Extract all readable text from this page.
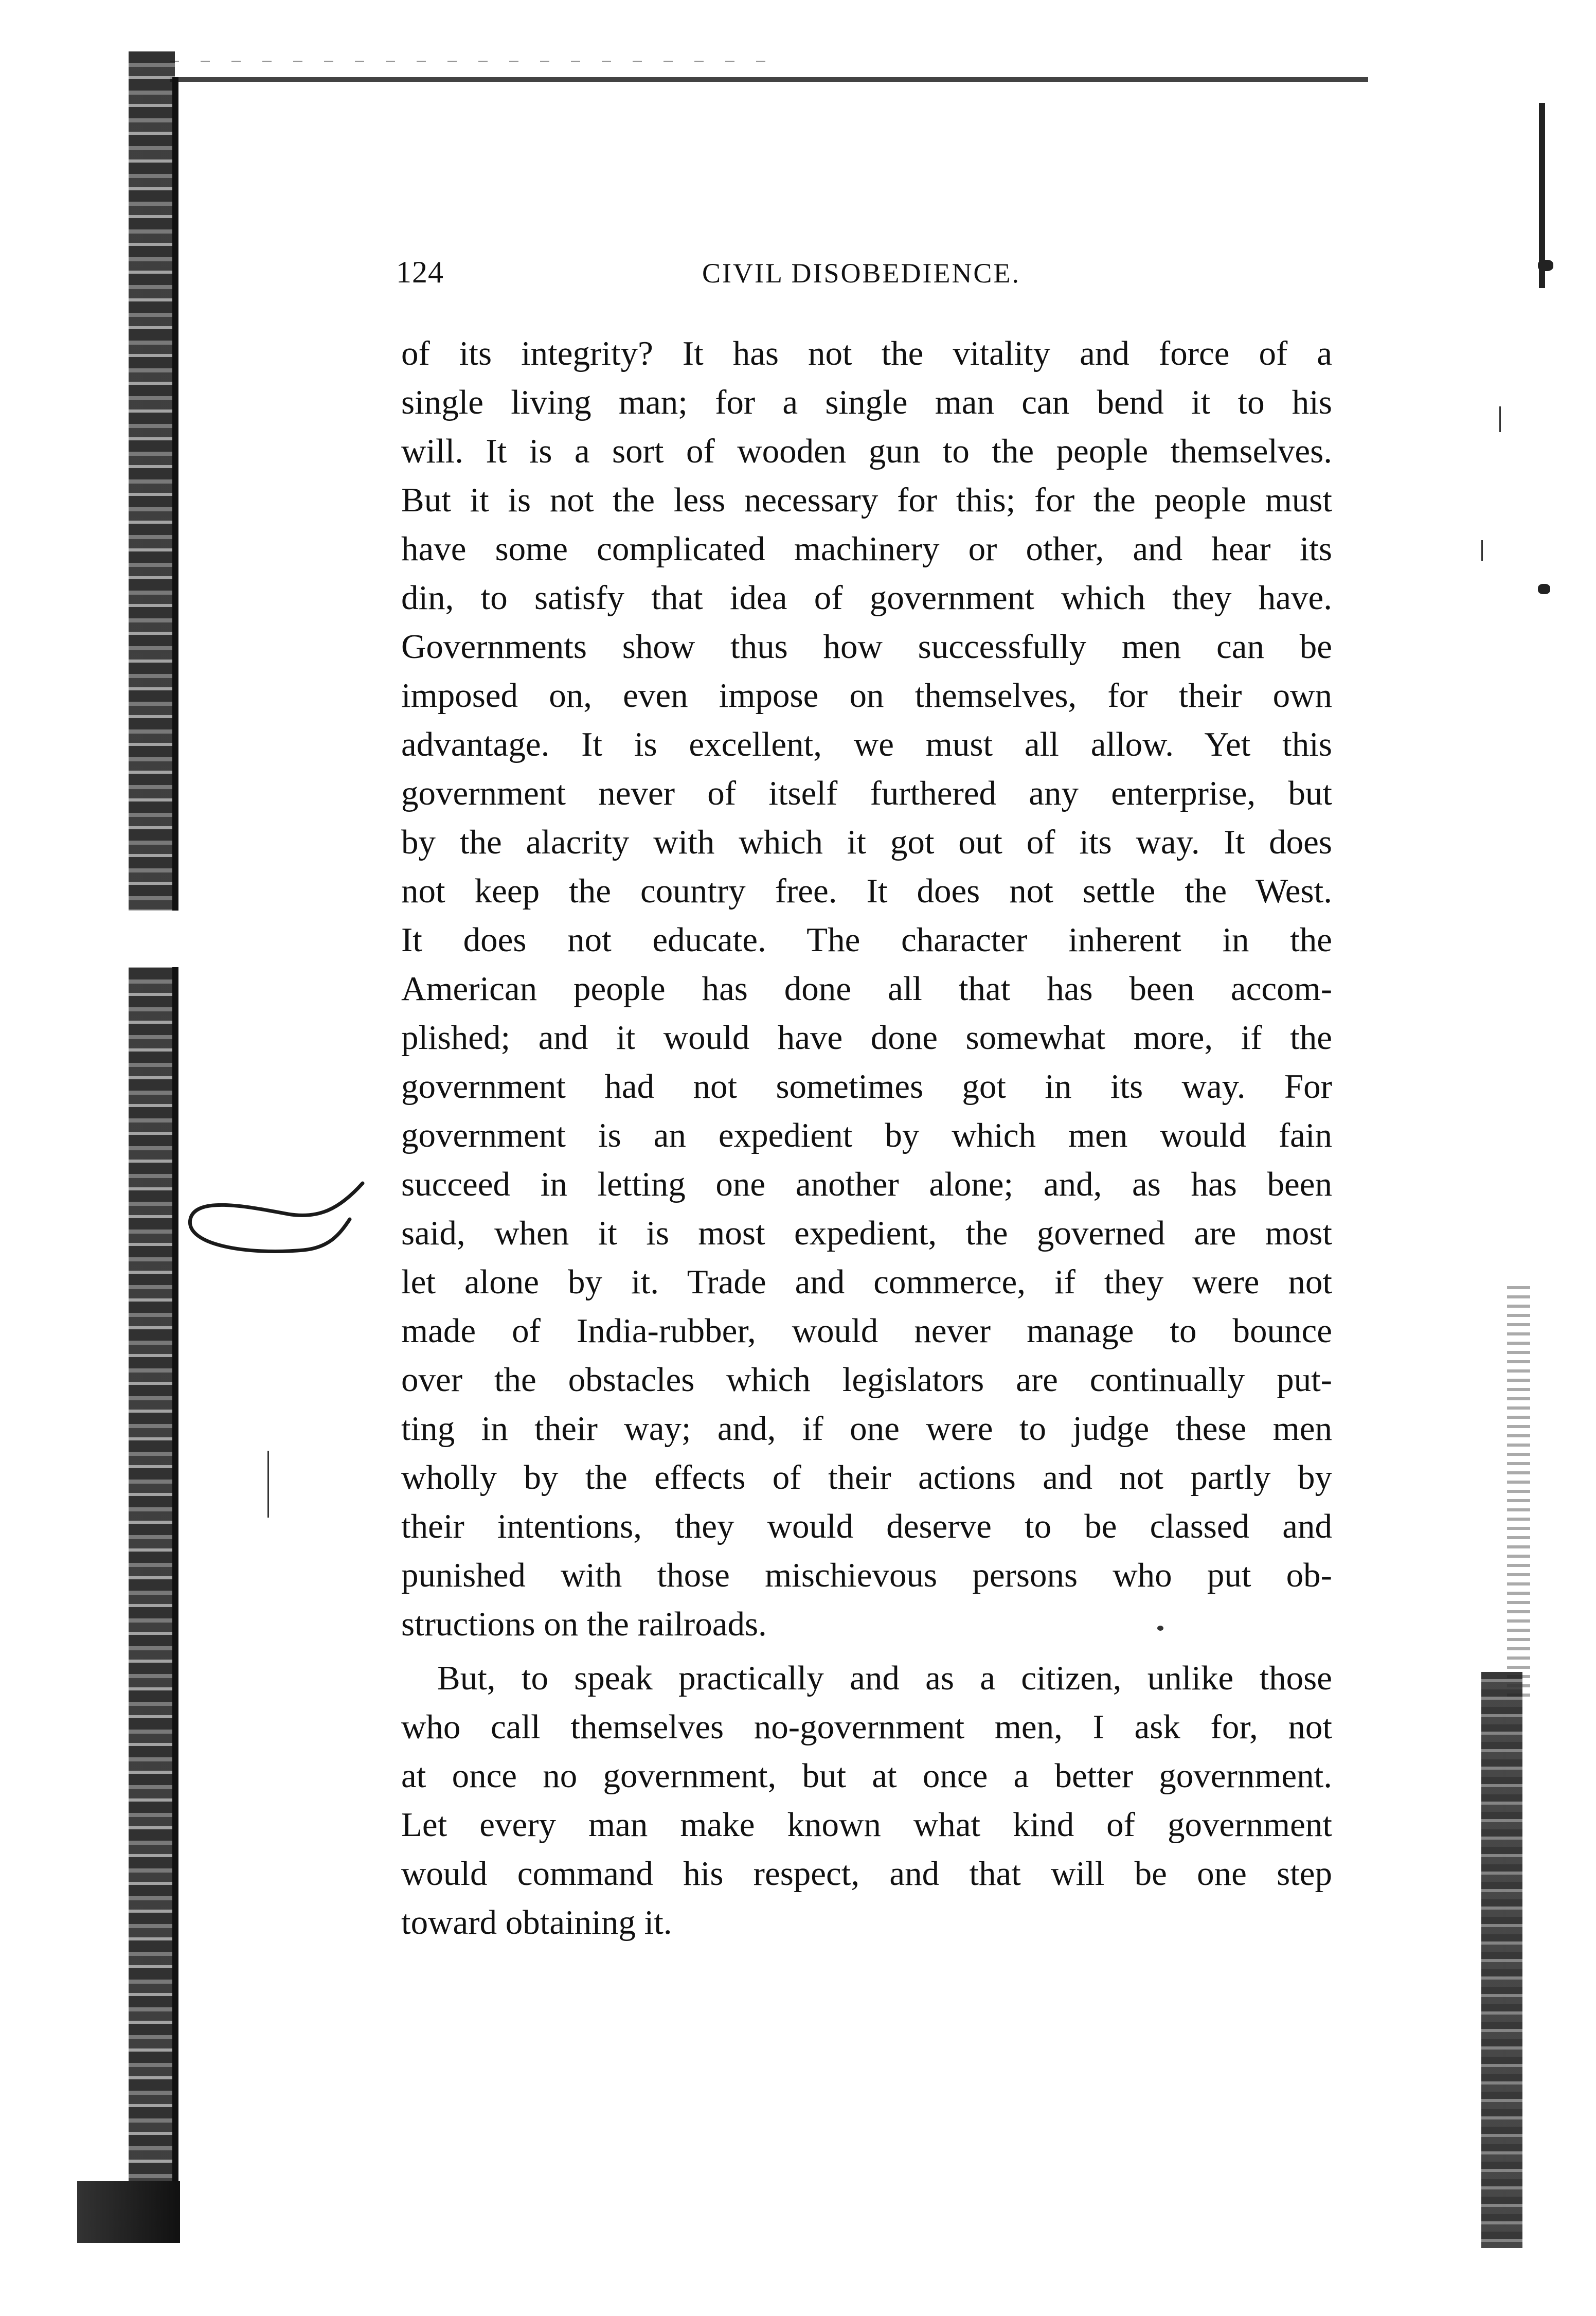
124	CIVIL DISOBEDIENCE.
of its integrity? It has not the vitality and force of a
single living man; for a single man can bend it to his
will. It is a sort of wooden gun to the people themselves.
But it is not the less necessary for this; for the people must
have some complicated machinery or other, and hear its
din, to satisfy that idea of government which they have.
Governments show thus how successfully men can be
imposed on, even impose on themselves, for their own
advantage. It is excellent, we must all allow. Yet this
government never of itself furthered any enterprise, but
by the alacrity with which it got out of its way. It does
not keep the country free. It does not settle the West.
It does not educate. The character inherent in the
American people has done all that has been accom-
plished; and it would have done somewhat more, if the
government had not sometimes got in its way. For
government is an expedient by which men would fain
succeed in letting one another alone; and, as has been
said, when it is most expedient, the governed are most
let alone by it. Trade and commerce, if they were not
made of India-rubber, would never manage to bounce
over the obstacles which legislators are continually put-
ting in their way; and, if one were to judge these men
wholly by the effects of their actions and not partly by
their intentions, they would deserve to be classed and
punished with those mischievous persons who put ob-
structions on the railroads.
But, to speak practically and as a citizen, unlike those
who call themselves no-government men, I ask for, not
at once no government, but at once a better government.
Let every man make known what kind of government
would command his respect, and that will be one step
toward obtaining it.
